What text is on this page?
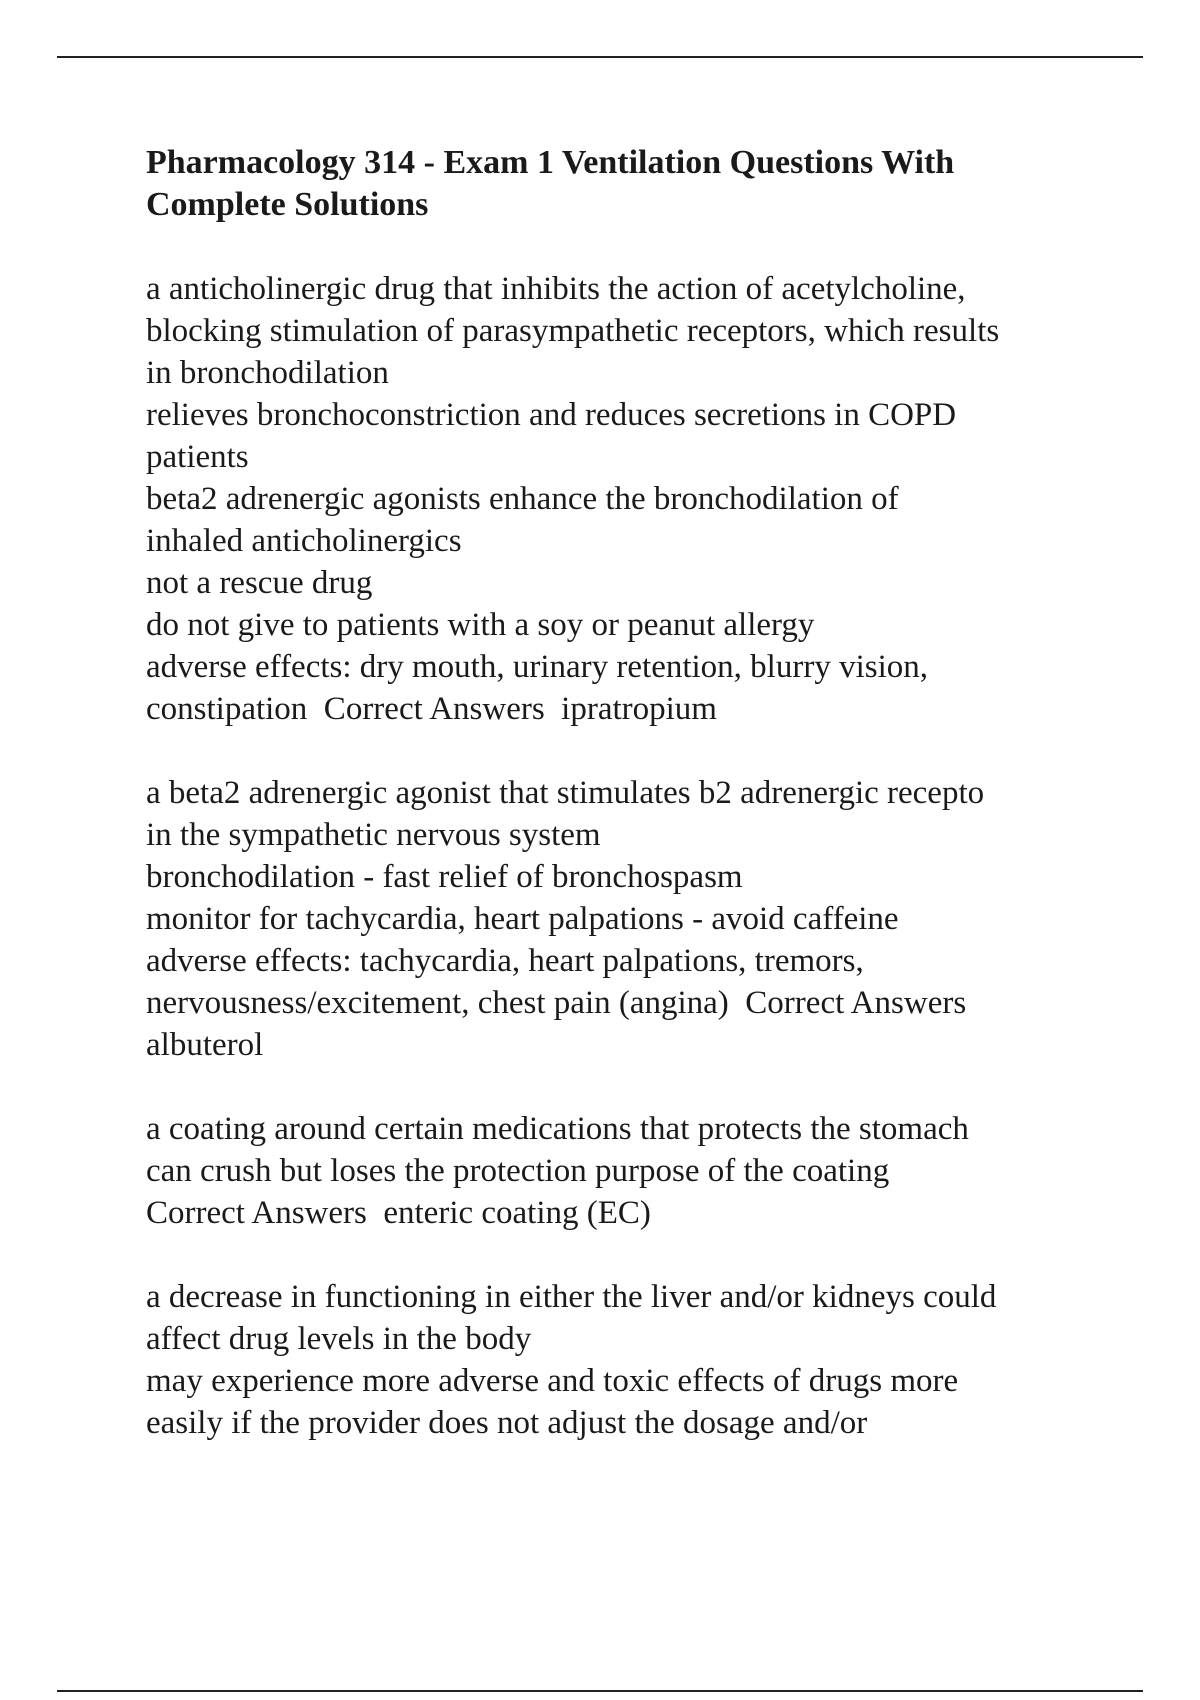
Pharmacology 314 - Exam 1 Ventilation Questions With
Complete Solutions
a anticholinergic drug that inhibits the action of acetylcholine,
blocking stimulation of parasympathetic receptors, which results
in bronchodilation
relieves bronchoconstriction and reduces secretions in COPD
patients
beta2 adrenergic agonists enhance the bronchodilation of
inhaled anticholinergics
not a rescue drug
do not give to patients with a soy or peanut allergy
adverse effects: dry mouth, urinary retention, blurry vision,
constipation  Correct Answers  ipratropium
a beta2 adrenergic agonist that stimulates b2 adrenergic recepto
in the sympathetic nervous system
bronchodilation - fast relief of bronchospasm
monitor for tachycardia, heart palpations - avoid caffeine
adverse effects: tachycardia, heart palpations, tremors,
nervousness/excitement, chest pain (angina)  Correct Answers
albuterol
a coating around certain medications that protects the stomach
can crush but loses the protection purpose of the coating
Correct Answers  enteric coating (EC)
a decrease in functioning in either the liver and/or kidneys could
affect drug levels in the body
may experience more adverse and toxic effects of drugs more
easily if the provider does not adjust the dosage and/or
